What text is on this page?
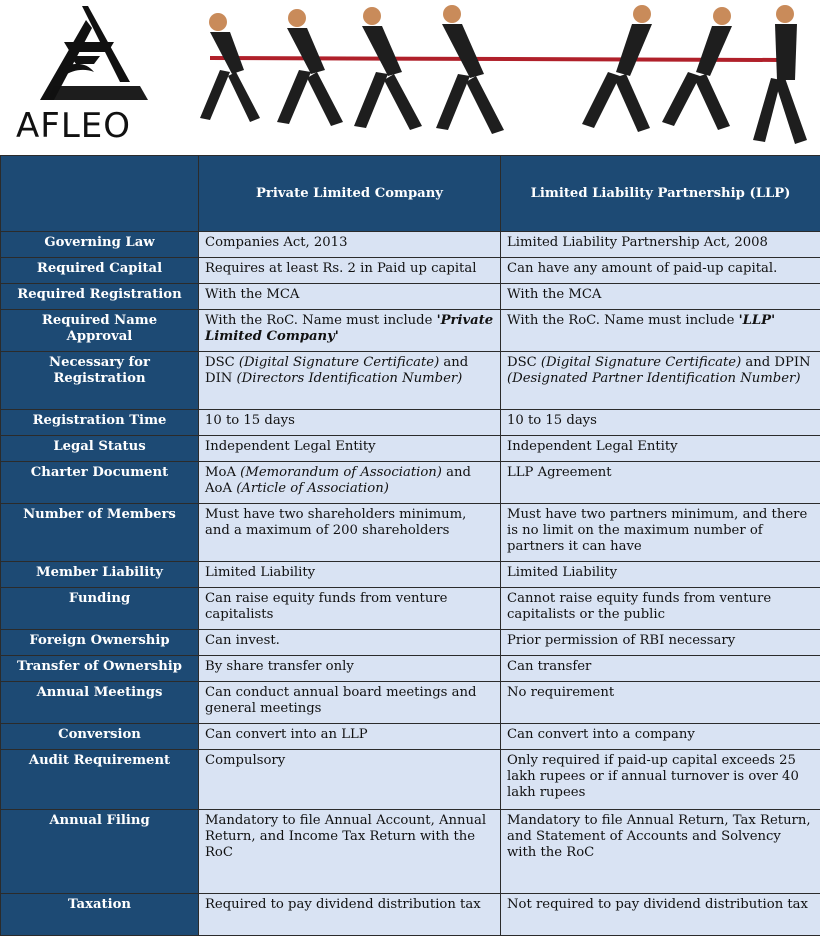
AFLEO
	Private Limited Company	Limited Liability Partnership (LLP)
Governing Law	Companies Act, 2013	Limited Liability Partnership Act, 2008
Required Capital	Requires at least Rs. 2 in Paid up capital	Can have any amount of paid-up capital.
Required Registration	With the MCA	With the MCA
Required Name Approval	With the RoC. Name must include 'Private Limited Company'	With the RoC. Name must include 'LLP'
Necessary for Registration	DSC (Digital Signature Certificate) and DIN (Directors Identification Number)	DSC (Digital Signature Certificate) and DPIN (Designated Partner Identification Number)
Registration Time	10 to 15 days	10 to 15 days
Legal Status	Independent Legal Entity	Independent Legal Entity
Charter Document	MoA (Memorandum of Association) and AoA (Article of Association)	LLP Agreement
Number of Members	Must have two shareholders minimum, and a maximum of 200 shareholders	Must have two partners minimum, and there is no limit on the maximum number of partners it can have
Member Liability	Limited Liability	Limited Liability
Funding	Can raise equity funds from venture capitalists	Cannot raise equity funds from venture capitalists or the public
Foreign Ownership	Can invest.	Prior permission of RBI necessary
Transfer of Ownership	By share transfer only	Can transfer
Annual Meetings	Can conduct annual board meetings and general meetings	No requirement
Conversion	Can convert into an LLP	Can convert into a company
Audit Requirement	Compulsory	Only required if paid-up capital exceeds 25 lakh rupees or if annual turnover is over 40 lakh rupees
Annual Filing	Mandatory to file Annual Account, Annual Return, and Income Tax Return with the RoC	Mandatory to file Annual Return, Tax Return, and Statement of Accounts and Solvency with the RoC
Taxation	Required to pay dividend distribution tax	Not required to pay dividend distribution tax
